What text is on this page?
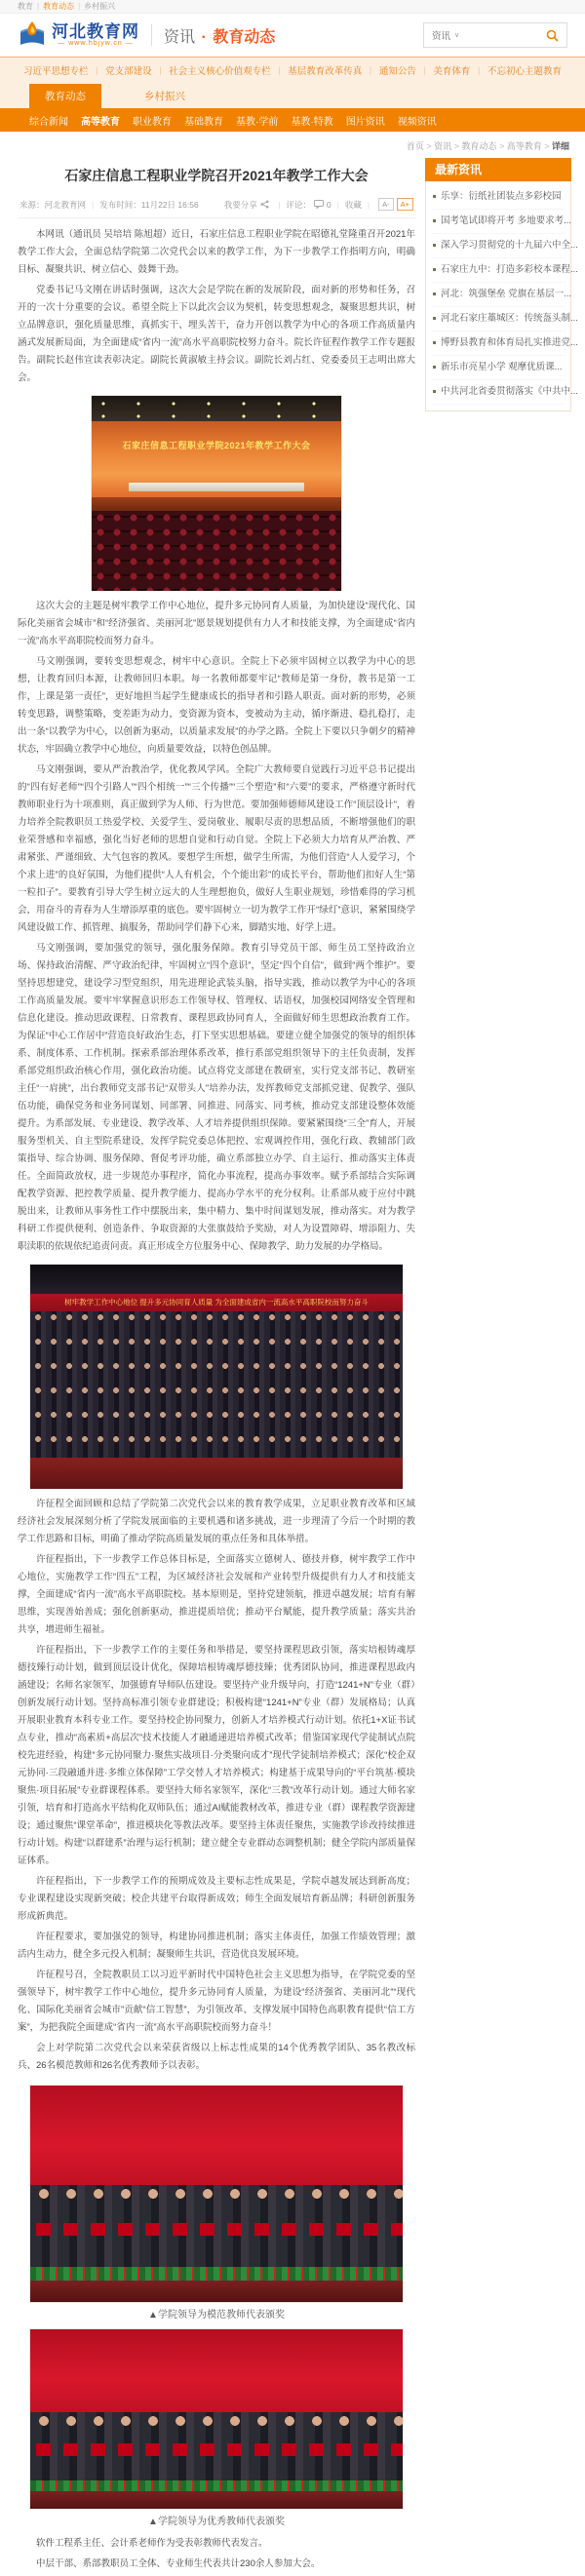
教育 | 教育动态 | 乡村振兴
河北教育网
— www.hbjyw.cn —	资讯 · 教育动态	资讯 ∨
习近平思想专栏 | 党支部建设 | 社会主义核心价值观专栏 | 基层教育改革传真 | 通知公告 | 美育体育 | 不忘初心主题教育
教育动态	乡村振兴
综合新闻 高等教育 职业教育 基础教育 基教·学前 基教·特教 图片资讯 视频资讯
首页 > 资讯 > 教育动态 > 高等教育 > 详细
石家庄信息工程职业学院召开2021年教学工作大会
来源： 河北教育网 | 发布时间： 11月22日 16:56	我要分享	| 评论： 0 | 收藏 |	A-	A+

本网讯（通讯员 吴培培 陈旭超）近日，石家庄信息工程职业学院在昭德礼堂隆重召开2021年教学工作大会，全面总结学院第二次党代会以来的教学工作，为下一步教学工作指明方向，明确目标、凝聚共识、树立信心、鼓舞干劲。

党委书记马文刚在讲话时强调，这次大会是学院在新的发展阶段，面对新的形势和任务，召开的一次十分重要的会议。希望全院上下以此次会议为契机，转变思想观念，凝聚思想共识，树立品牌意识，强化质量思维，真抓实干、埋头苦干，奋力开创以教学为中心的各项工作高质量内涵式发展新局面，为全面建成“省内一流”高水平高职院校努力奋斗。院长许征程作教学工作专题报告。副院长赵伟宣读表彰决定。副院长黄淑敏主持会议。副院长刘占红、党委委员王志明出席大会。

石家庄信息工程职业学院2021年教学工作大会

这次大会的主题是树牢教学工作中心地位，提升多元协同育人质量，为加快建设“现代化、国际化美丽省会城市”和“经济强省、美丽河北”愿景规划提供有力人才和技能支撑，为全面建成“省内一流”高水平高职院校而努力奋斗。

马文刚强调，要转变思想观念，树牢中心意识。全院上下必须牢固树立以教学为中心的思想，让教育回归本源，让教师回归本职。每一名教师都要牢记“教师是第一身份，教书是第一工作，上课是第一责任”，更好地担当起学生健康成长的指导者和引路人职责。面对新的形势，必须转变思路，调整策略，变差距为动力，变资源为资本，变被动为主动，循序渐进、稳扎稳打，走出一条“以教学为中心，以创新为驱动，以质量求发展”的办学之路。全院上下要以只争朝夕的精神状态，牢固确立教学中心地位，向质量要效益，以特色创品牌。

马文刚强调，要从严治教治学，优化教风学风。全院广大教师要自觉践行习近平总书记提出的“四有好老师”“四个引路人”“四个相统一”“三个传播”“三个塑造”和“六要”的要求，严格遵守新时代教师职业行为十项准则，真正做到学为人师、行为世范。要加强师德师风建设工作“顶层设计”，着力培养全院教职员工热爱学校、关爱学生、爱岗敬业、履职尽责的思想品质，不断增强他们的职业荣誉感和幸福感，强化当好老师的思想自觉和行动自觉。全院上下必须大力培育从严治教、严肃紧张、严谨细致、大气包容的教风。要想学生所想，做学生所需，为他们营造“人人爱学习，个个求上进”的良好氛围，为他们提供“人人有机会，个个能出彩”的成长平台，帮助他们扣好人生“第一粒扣子”。要教育引导大学生树立远大的人生理想抱负，做好人生职业规划，珍惜难得的学习机会，用奋斗的青春为人生增添厚重的底色。要牢固树立一切为教学工作开“绿灯”意识，紧紧围绕学风建设做工作、抓管理、搞服务，帮助同学们静下心来，脚踏实地、好学上进。

马文刚强调，要加强党的领导，强化服务保障。教育引导党员干部、师生员工坚持政治立场、保持政治清醒、严守政治纪律，牢固树立“四个意识”，坚定“四个自信”，做到“两个维护”。要坚持思想建党，建设学习型党组织，用先进理论武装头脑，指导实践，推动以教学为中心的各项工作高质量发展。要牢牢掌握意识形态工作领导权、管理权、话语权，加强校园网络安全管理和信息化建设。推动思政课程、日常教育、课程思政协同育人，全面做好师生思想政治教育工作。为保证“中心工作居中”营造良好政治生态，打下坚实思想基础。要建立健全加强党的领导的组织体系、制度体系、工作机制。探索系部治理体系改革，推行系部党组织领导下的主任负责制，发挥系部党组织政治核心作用，强化政治功能。试点将党支部建在教研室，实行党支部书记、教研室主任“一肩挑”，出台教师党支部书记“双带头人”培养办法，发挥教师党支部抓党建、促教学、强队伍功能，确保党务和业务同谋划、同部署、同推进、同落实、同考核，推动党支部建设整体效能提升。为系部发展、专业建设、教学改革、人才培养提供组织保障。要紧紧围绕“三全”育人，开展服务型机关、自主型院系建设，发挥学院党委总体把控、宏观调控作用，强化行政、教辅部门政策指导、综合协调、服务保障、督促考评功能，确立系部独立办学、自主运行、推动落实主体责任。全面简政放权，进一步规范办事程序，简化办事流程，提高办事效率。赋予系部结合实际调配教学资源、把控教学质量、提升教学能力、提高办学水平的充分权利。让系部从疲于应付中跳脱出来，让教师从事务性工作中摆脱出来，集中精力、集中时间谋划发展，推动落实。对为教学科研工作提供便利、创造条件、争取资源的大张旗鼓给予奖励，对人为设置障碍、增添阻力、失职渎职的依规依纪追责问责。真正形成全方位服务中心、保障教学、助力发展的办学格局。

树牢教学工作中心地位 提升多元协同育人质量 为全面建成省内一流高水平高职院校而努力奋斗

许征程全面回顾和总结了学院第二次党代会以来的教育教学成果，立足职业教育改革和区域经济社会发展深刻分析了学院发展面临的主要机遇和诸多挑战，进一步理清了今后一个时期的教学工作思路和目标，明确了推动学院高质量发展的重点任务和具体举措。

许征程指出，下一步教学工作总体目标是，全面落实立德树人、德技并修，树牢教学工作中心地位，实施教学工作“四五”工程，为区域经济社会发展和产业转型升级提供有力人才和技能支撑，全面建成“省内一流”高水平高职院校。基本原则是，坚持党建领航，推进卓越发展；培育有解思维，实现善始善成；强化创新驱动，推进提质培优；推动平台赋能，提升教学质量；落实共治共享，增进师生福祉。

许征程指出，下一步教学工作的主要任务和举措是，要坚持课程思政引领，落实培根铸魂厚德技臻行动计划，做到顶层设计优化，保障培根铸魂厚德技臻；优秀团队协同，推进课程思政内涵建设；名师名家领军，加强德育导师队伍建设。要坚持产业升级导向，打造“1241+N”专业（群）创新发展行动计划。坚持高标准引领专业群建设；积极构建“1241+N”专业（群）发展格局；认真开展职业教育本科专业工作。要坚持校企协同聚力，创新人才培养模式行动计划。依托1+X证书试点专业，推动“高素质+高层次”技术技能人才融通递进培养模式改革；借鉴国家现代学徒制试点院校先进经验，构建“多元协同聚力·聚焦实战项目·分类聚向成才”现代学徒制培养模式；深化“校企双元协同·三段融通并进·多维立体保障”工学交替人才培养模式；构建基于成果导向的“平台筑基·模块聚焦·项目拓展”专业群课程体系。要坚持大师名家领军，深化“三教”改革行动计划。通过大师名家引领，培育和打造高水平结构化双师队伍；通过AI赋能教材改革，推进专业（群）课程教学资源建设；通过聚焦“课堂革命”，推进模块化等教法改革。要坚持主体责任聚焦，实施教学诊改持续推进行动计划。构建“以群建系”治理与运行机制；建立健全专业群动态调整机制；健全学院内部质量保证体系。

许征程指出，下一步教学工作的预期成效及主要标志性成果是，学院卓越发展达到新高度；专业课程建设实现新突破；校企共建平台取得新成效；师生全面发展培育新品牌；科研创新服务形成新典范。

许征程要求，要加强党的领导，构建协同推进机制；落实主体责任，加强工作绩效管理；激活内生动力，健全多元投入机制；凝聚师生共识，营造优良发展环境。

许征程号召，全院教职员工以习近平新时代中国特色社会主义思想为指导，在学院党委的坚强领导下，树牢教学工作中心地位，提升多元协同育人质量，为建设“经济强省、美丽河北”“现代化、国际化美丽省会城市”贡献“信工智慧”，为引领改革、支撑发展中国特色高职教育提供“信工方案”，为把我院全面建成“省内一流”高水平高职院校而努力奋斗！

会上对学院第二次党代会以来荣获省级以上标志性成果的14个优秀教学团队、35名教改标兵、26名模范教师和26名优秀教师予以表彰。

▲学院领导为模范教师代表颁奖
▲学院领导为优秀教师代表颁奖

软件工程系主任、会计系老师作为受表彰教师代表发言。

中层干部、系部教职员工全体、专业师生代表共计230余人参加大会。

最新资讯
乐享：衍纸社团装点多彩校园
国考笔试即将开考 多地要求考...
深入学习贯彻党的十九届六中全...
石家庄九中：打造多彩校本课程...
河北：筑强堡垒 党旗在基层一...
河北石家庄藁城区：传统盔头制...
博野县教育和体育局扎实推进党...
新乐市亮星小学 观摩优质课...
中共河北省委贯彻落实《中共中...
